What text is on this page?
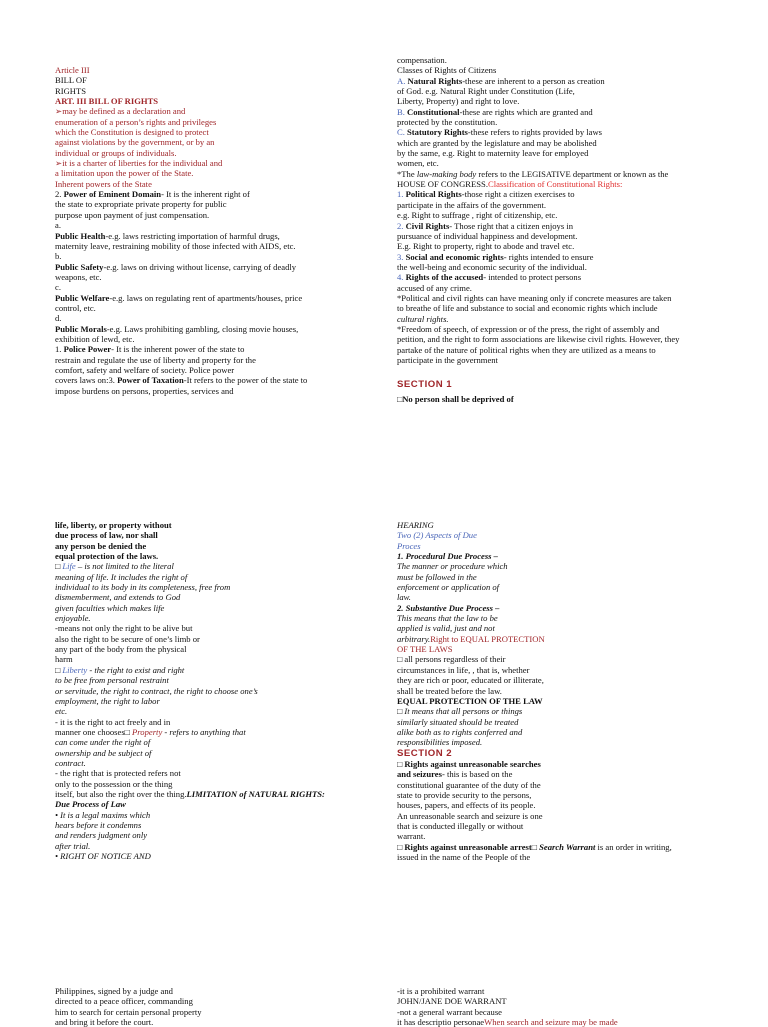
Article III
BILL OF
RIGHTS
ART. III BILL OF RIGHTS
➢may be defined as a declaration and
enumeration of a person’s rights and privileges
which the Constitution is designed to protect
against violations by the government, or by an
individual or groups of individuals.
➢it is a charter of liberties for the individual and
a limitation upon the power of the State.
Inherent powers of the State
2. Power of Eminent Domain- It is the inherent right of
the state to expropriate private property for public
purpose upon payment of just compensation.
a.
Public Health-e.g. laws restricting importation of harmful drugs,
maternity leave, restraining mobility of those infected with AIDS, etc.
b.
Public Safety-e.g. laws on driving without license, carrying of deadly
weapons, etc.
c.
Public Welfare-e.g. laws on regulating rent of apartments/houses, price
control, etc.
d.
Public Morals-e.g. Laws prohibiting gambling, closing movie houses,
exhibition of lewd, etc.
1. Police Power- It is the inherent power of the state to
restrain and regulate the use of liberty and property for the
comfort, safety and welfare of society. Police power
covers laws on:3. Power of Taxation-It refers to the power of the state to
impose burdens on persons, properties, services and
compensation.
Classes of Rights of Citizens
A. Natural Rights-these are inherent to a person as creation
of God. e.g. Natural Right under Constitution (Life,
Liberty, Property) and right to love.
B. Constitutional-these are rights which are granted and
protected by the constitution.
C. Statutory Rights-these refers to rights provided by laws
which are granted by the legislature and may be abolished
by the same, e.g. Right to maternity leave for employed
women, etc.
*The law-making body refers to the LEGISATIVE department or known as the
HOUSE OF CONGRESS.Classification of Constitutional Rights:
1. Political Rights-those right a citizen exercises to
participate in the affairs of the government.
e.g. Right to suffrage , right of citizenship, etc.
2. Civil Rights- Those right that a citizen enjoys in
pursuance of individual happiness and development.
E.g. Right to property, right to abode and travel etc.
3. Social and economic rights- rights intended to ensure
the well-being and economic security of the individual.
4. Rights of the accused- intended to protect persons
accused of any crime.
*Political and civil rights can have meaning only if concrete measures are taken
to breathe of life and substance to social and economic rights which include
cultural rights.
*Freedom of speech, of expression or of the press, the right of assembly and
petition, and the right to form associations are likewise civil rights. However, they
partake of the nature of political rights when they are utilized as a means to
participate in the government
SECTION 1
□No person shall be deprived of
life, liberty, or property without
due process of law, nor shall
any person be denied the
equal protection of the laws.
□ Life – is not limited to the literal
meaning of life. It includes the right of
individual to its body in its completeness, free from
dismemberment, and extends to God
given faculties which makes life
enjoyable.
-means not only the right to be alive but
also the right to be secure of one’s limb or
any part of the body from the physical
harm
□ Liberty - the right to exist and right
to be free from personal restraint
or servitude, the right to contract, the right to choose one’s
employment, the right to labor
etc.
- it is the right to act freely and in
manner one chooses□ Property - refers to anything that
can come under the right of
ownership and be subject of
contract.
- the right that is protected refers not
only to the possession or the thing
itself, but also the right over the thing.LIMITATION of NATURAL RIGHTS:
Due Process of Law
• It is a legal maxims which
hears before it condemns
and renders judgment only
after trial.
• RIGHT OF NOTICE AND
HEARING
Two (2) Aspects of Due
Proces
1. Procedural Due Process –
The manner or procedure which
must be followed in the
enforcement or application of
law.
2. Substantive Due Process –
This means that the law to be
applied is valid, just and not
arbitrary.Right to EQUAL PROTECTION
OF THE LAWS
□ all persons regardless of their
circumstances in life, , that is, whether
they are rich or poor, educated or illiterate,
shall be treated before the law.
EQUAL PROTECTION OF THE LAW
□ It means that all persons or things
similarly situated should be treated
alike both as to rights conferred and
responsibilities imposed.
SECTION 2
□ Rights against unreasonable searches
and seizures- this is based on the
constitutional guarantee of the duty of the
state to provide security to the persons,
houses, papers, and effects of its people.
An unreasonable search and seizure is one
that is conducted illegally or without
warrant.
□ Rights against unreasonable arrest□ Search Warrant is an order in writing,
issued in the name of the People of the
Philippines, signed by a judge and
directed to a peace officer, commanding
him to search for certain personal property
and bring it before the court.
-it is a prohibited warrant
JOHN/JANE DOE WARRANT
-not a general warrant because
it has descriptio personaeWhen search and seizure may be made
